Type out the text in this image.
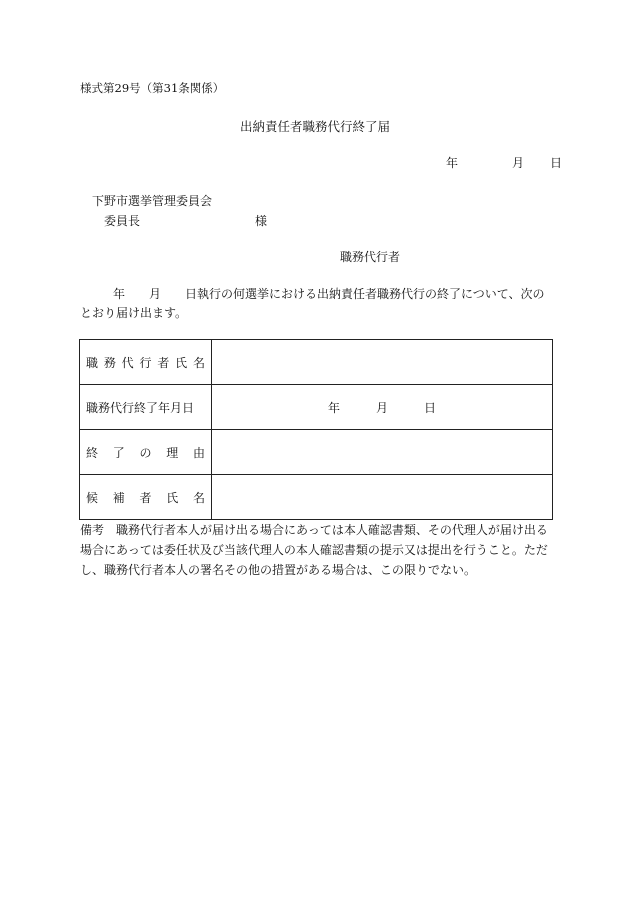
様式第29号（第31条関係）
出納責任者職務代行終了届
年	月 日
下野市選挙管理委員会
委員長	様
職務代行者
年 月 日執行の何選挙における出納責任者職務代行の終了について、次のとおり届け出ます。
職務代行者氏名	

職務代行終了年月日	年 月 日

終了の理由	

候補者氏名	

備考　 職務代行者本人が届け出る場合にあっては本人確認書類、その代理人が届け出る場合にあっては委任状及び当該代理人の本人確認書類の提示又は提出を行うこと。ただし、職務代行者本人の署名その他の措置がある場合は、この限りでない。
